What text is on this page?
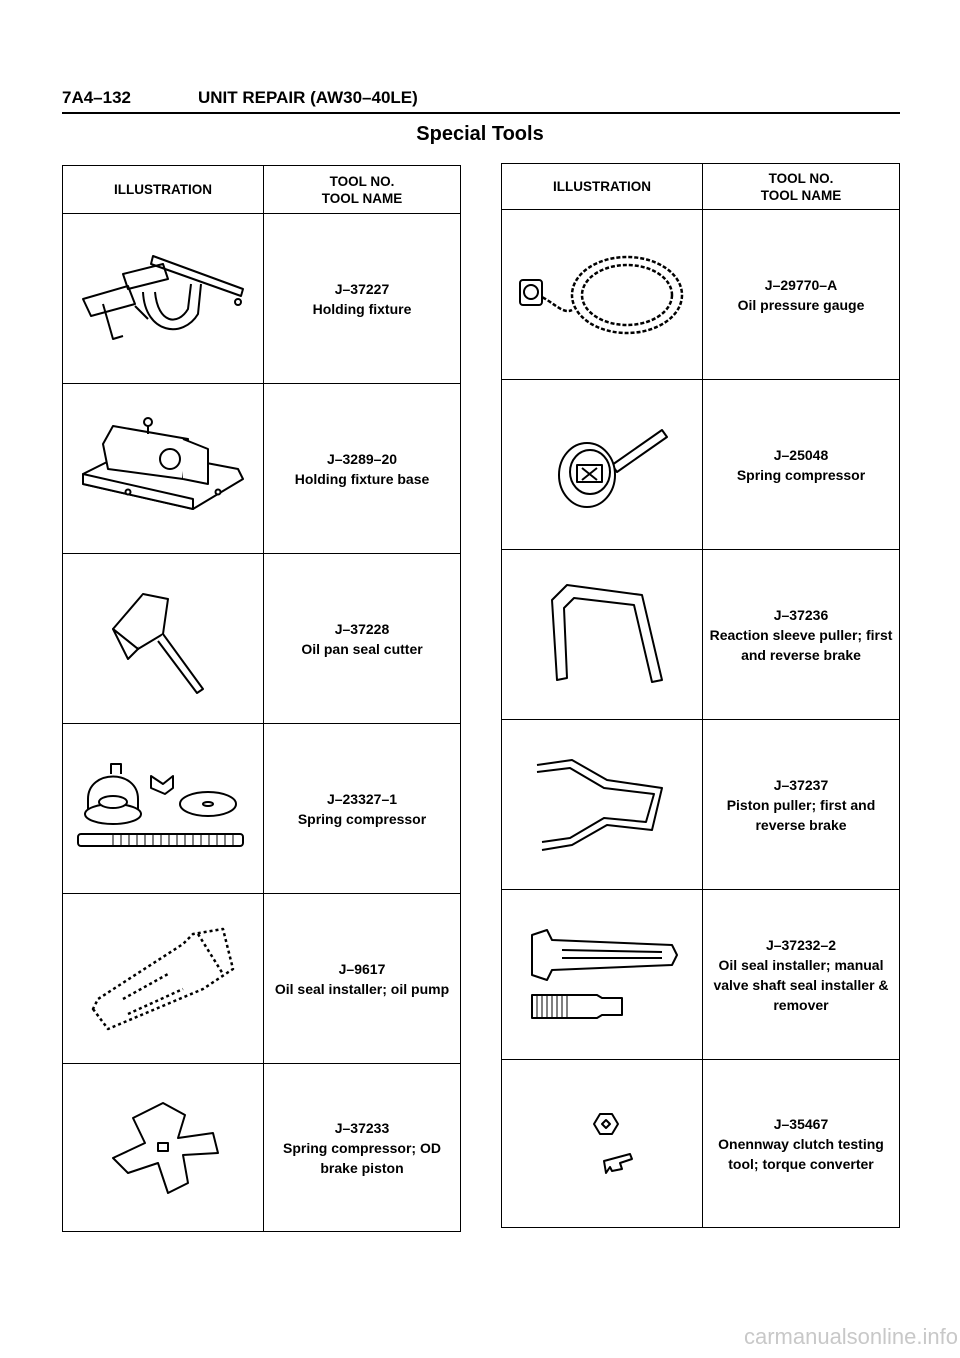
7A4–132	UNIT REPAIR (AW30–40LE)
Special Tools
ILLUSTRATION	TOOL NO.
TOOL NAME

J–37227
Holding fixture

J–3289–20
Holding fixture base

J–37228
Oil pan seal cutter

J–23327–1
Spring compressor

J–9617
Oil seal installer; oil pump

J–37233
Spring compressor; OD brake piston
ILLUSTRATION	TOOL NO.
TOOL NAME

J–29770–A
Oil pressure gauge

J–25048
Spring compressor

J–37236
Reaction sleeve puller; first and reverse brake

J–37237
Piston puller; first and reverse brake

J–37232–2
Oil seal installer; manual valve shaft seal installer & remover

J–35467
Onennway clutch testing tool; torque converter
carmanualsonline.info
